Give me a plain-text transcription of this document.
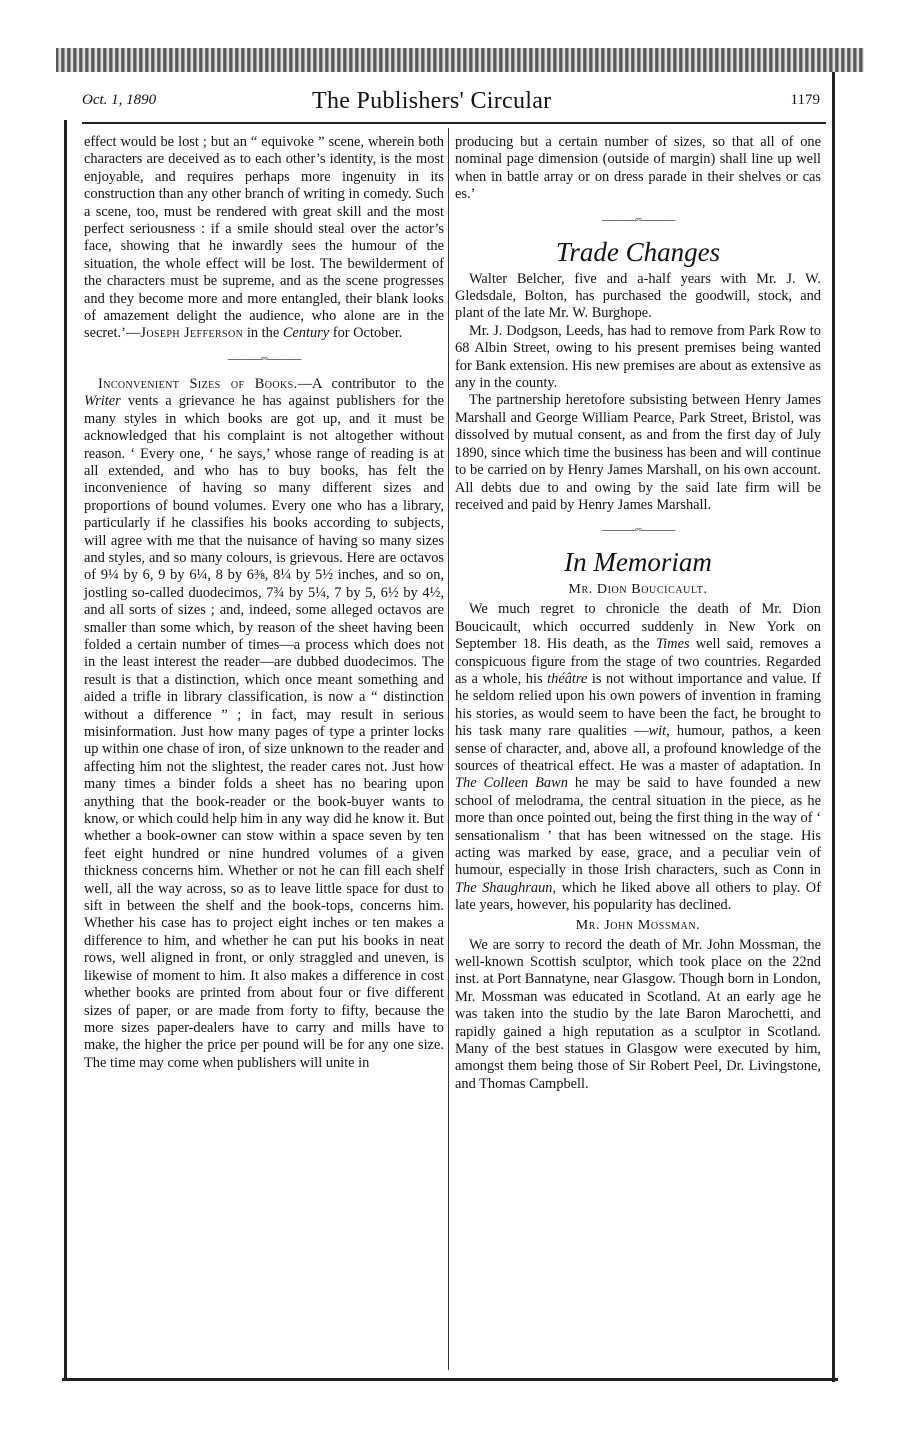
Oct. 1, 1890	The Publishers' Circular	1179

effect would be lost ; but an “ equivoke ” scene, wherein both characters are deceived as to each other’s identity, is the most enjoyable, and requires perhaps more ingenuity in its construction than any other branch of writing in comedy. Such a scene, too, must be rendered with great skill and the most perfect seriousness : if a smile should steal over the actor’s face, showing that he inwardly sees the humour of the situation, the whole effect will be lost. The bewilderment of the characters must be supreme, and as the scene progresses and they become more and more entangled, their blank looks of amazement delight the audience, who alone are in the secret.’—Joseph Jefferson in the Century for October.

———◦◦———

Inconvenient Sizes of Books.—A contributor to the Writer vents a grievance he has against publishers for the many styles in which books are got up, and it must be acknowledged that his complaint is not altogether without reason. ‘ Every one, ‘ he says,’ whose range of reading is at all extended, and who has to buy books, has felt the inconvenience of having so many different sizes and proportions of bound volumes. Every one who has a library, particularly if he classifies his books according to subjects, will agree with me that the nuisance of having so many sizes and styles, and so many colours, is grievous. Here are octavos of 9¼ by 6, 9 by 6¼, 8 by 6⅜, 8¼ by 5½ inches, and so on, jostling so-called duodecimos, 7¾ by 5¼, 7 by 5, 6½ by 4½, and all sorts of sizes ; and, indeed, some alleged octavos are smaller than some which, by reason of the sheet having been folded a certain number of times—a process which does not in the least interest the reader—are dubbed duodecimos. The result is that a distinction, which once meant something and aided a trifle in library classification, is now a “ distinction without a difference ” ; in fact, may result in serious misinformation. Just how many pages of type a printer locks up within one chase of iron, of size unknown to the reader and affecting him not the slightest, the reader cares not. Just how many times a binder folds a sheet has no bearing upon anything that the book-reader or the book-buyer wants to know, or which could help him in any way did he know it. But whether a book-owner can stow within a space seven by ten feet eight hundred or nine hundred volumes of a given thickness concerns him. Whether or not he can fill each shelf well, all the way across, so as to leave little space for dust to sift in between the shelf and the book-tops, concerns him. Whether his case has to project eight inches or ten makes a difference to him, and whether he can put his books in neat rows, well aligned in front, or only straggled and uneven, is likewise of moment to him. It also makes a difference in cost whether books are printed from about four or five different sizes of paper, or are made from forty to fifty, because the more sizes paper-dealers have to carry and mills have to make, the higher the price per pound will be for any one size. The time may come when publishers will unite in

producing but a certain number of sizes, so that all of one nominal page dimension (outside of margin) shall line up well when in battle array or on dress parade in their shelves or cas es.’

———◦◦———
Trade Changes

Walter Belcher, five and a-half years with Mr. J. W. Gledsdale, Bolton, has purchased the goodwill, stock, and plant of the late Mr. W. Burghope.

Mr. J. Dodgson, Leeds, has had to remove from Park Row to 68 Albin Street, owing to his present premises being wanted for Bank extension. His new premises are about as extensive as any in the county.

The partnership heretofore subsisting between Henry James Marshall and George William Pearce, Park Street, Bristol, was dissolved by mutual consent, as and from the first day of July 1890, since which time the business has been and will continue to be carried on by Henry James Marshall, on his own account. All debts due to and owing by the said late firm will be received and paid by Henry James Marshall.

———◦◦———
In Memoriam
Mr. Dion Boucicault.

We much regret to chronicle the death of Mr. Dion Boucicault, which occurred suddenly in New York on September 18. His death, as the Times well said, removes a conspicuous figure from the stage of two countries. Regarded as a whole, his théâtre is not without importance and value. If he seldom relied upon his own powers of invention in framing his stories, as would seem to have been the fact, he brought to his task many rare qualities —wit, humour, pathos, a keen sense of character, and, above all, a profound knowledge of the sources of theatrical effect. He was a master of adaptation. In The Colleen Bawn he may be said to have founded a new school of melodrama, the central situation in the piece, as he more than once pointed out, being the first thing in the way of ‘ sensationalism ’ that has been witnessed on the stage. His acting was marked by ease, grace, and a peculiar vein of humour, especially in those Irish characters, such as Conn in The Shaughraun, which he liked above all others to play. Of late years, however, his popularity has declined.

Mr. John Mossman.

We are sorry to record the death of Mr. John Mossman, the well-known Scottish sculptor, which took place on the 22nd inst. at Port Bannatyne, near Glasgow. Though born in London, Mr. Mossman was educated in Scotland. At an early age he was taken into the studio by the late Baron Marochetti, and rapidly gained a high reputation as a sculptor in Scotland. Many of the best statues in Glasgow were executed by him, amongst them being those of Sir Robert Peel, Dr. Livingstone, and Thomas Campbell.
